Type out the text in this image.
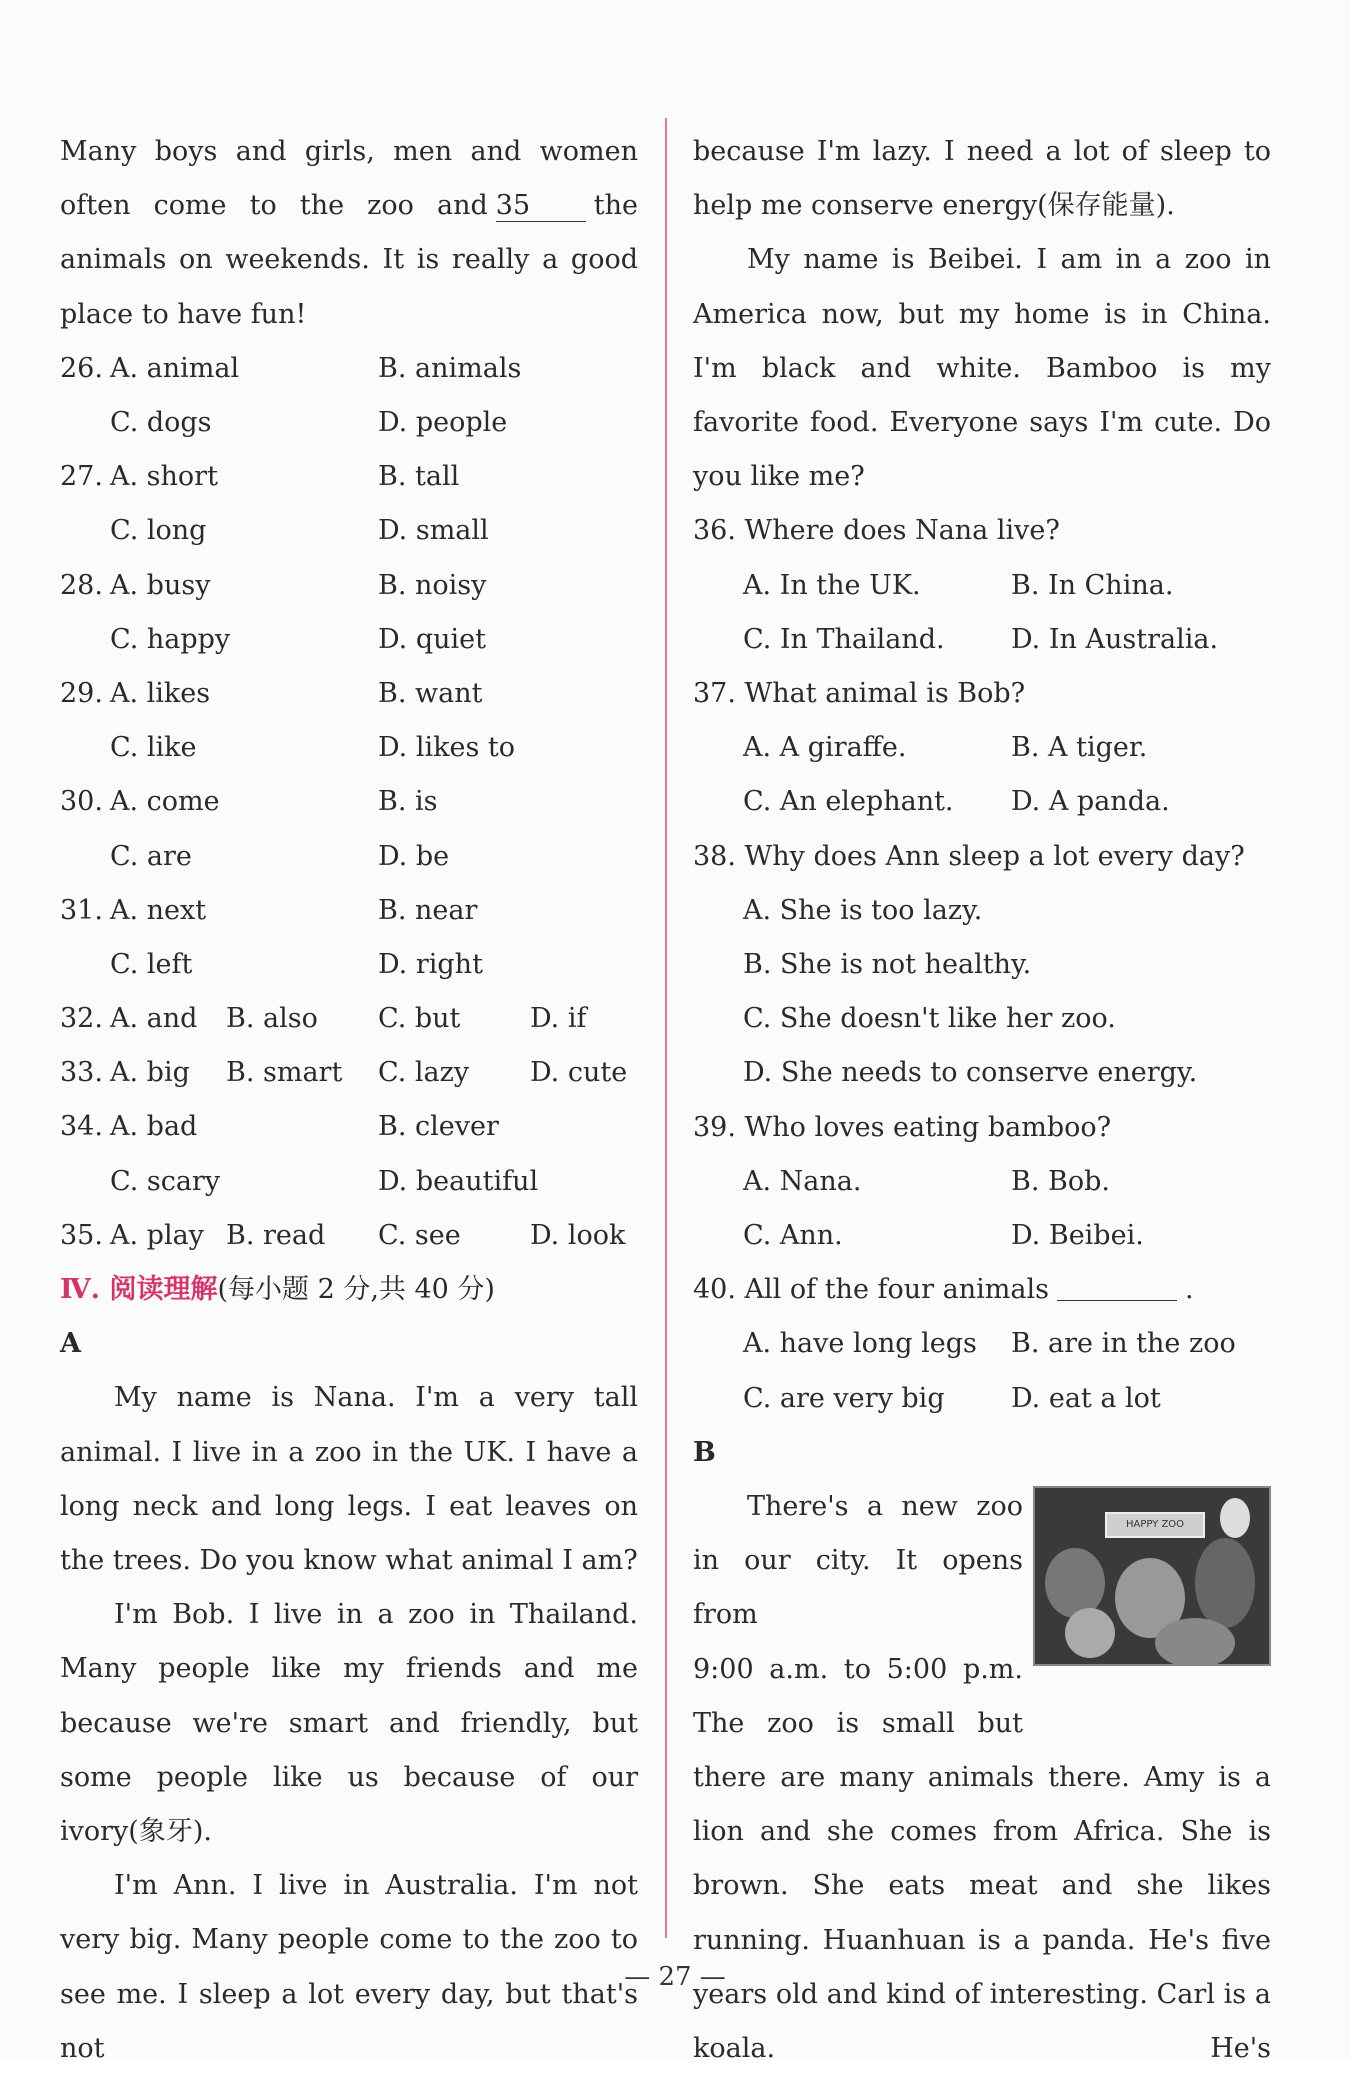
Many boys and girls, men and women often come to the zoo and 35 the animals on weekends. It is really a good place to have fun!

26. A. animal	B. animals
C. dogs	D. people
27. A. short	B. tall
C. long	D. small
28. A. busy	B. noisy
C. happy	D. quiet
29. A. likes	B. want
C. like	D. likes to
30. A. come	B. is
C. are	D. be
31. A. next	B. near
C. left	D. right
32. A. and	B. also	C. but	D. if
33. A. big	B. smart	C. lazy	D. cute
34. A. bad	B. clever
C. scary	D. beautiful
35. A. play B. read	C. see	D. look
Ⅳ. 阅读理解 (每小题 2 分,共 40 分)

A

My name is Nana. I'm a very tall animal. I live in a zoo in the UK. I have a long neck and long legs. I eat leaves on the trees. Do you know what animal I am?

I'm Bob. I live in a zoo in Thailand. Many people like my friends and me because we're smart and friendly, but some people like us because of our ivory(象牙).

I'm Ann. I live in Australia. I'm not very big. Many people come to the zoo to see me. I sleep a lot every day, but that's not

because I'm lazy. I need a lot of sleep to help me conserve energy(保存能量).

My name is Beibei. I am in a zoo in America now, but my home is in China. I'm black and white. Bamboo is my favorite food. Everyone says I'm cute. Do you like me?

36. Where does Nana live?

A. In the UK.	B. In China.
C. In Thailand.	D. In Australia.

37. What animal is Bob?

A. A giraffe.	B. A tiger.
C. An elephant.	D. A panda.

38. Why does Ann sleep a lot every day?

A. She is too lazy.
B. She is not healthy.
C. She doesn't like her zoo.
D. She needs to conserve energy.

39. Who loves eating bamboo?

A. Nana.	B. Bob.
C. Ann.	D. Beibei.

40. All of the four animals	.

A. have long legs	B. are in the zoo
C. are very big	D. eat a lot

B

There's a new zoo

in our city. It opens from

9:00 a.m. to 5:00 p.m.

The zoo is small but

HAPPY ZOO

there are many animals there. Amy is a lion and she comes from Africa. She is brown. She eats meat and she likes running. Huanhuan is a panda. He's five years old and kind of interesting. Carl is a koala. He's

— 27 —
